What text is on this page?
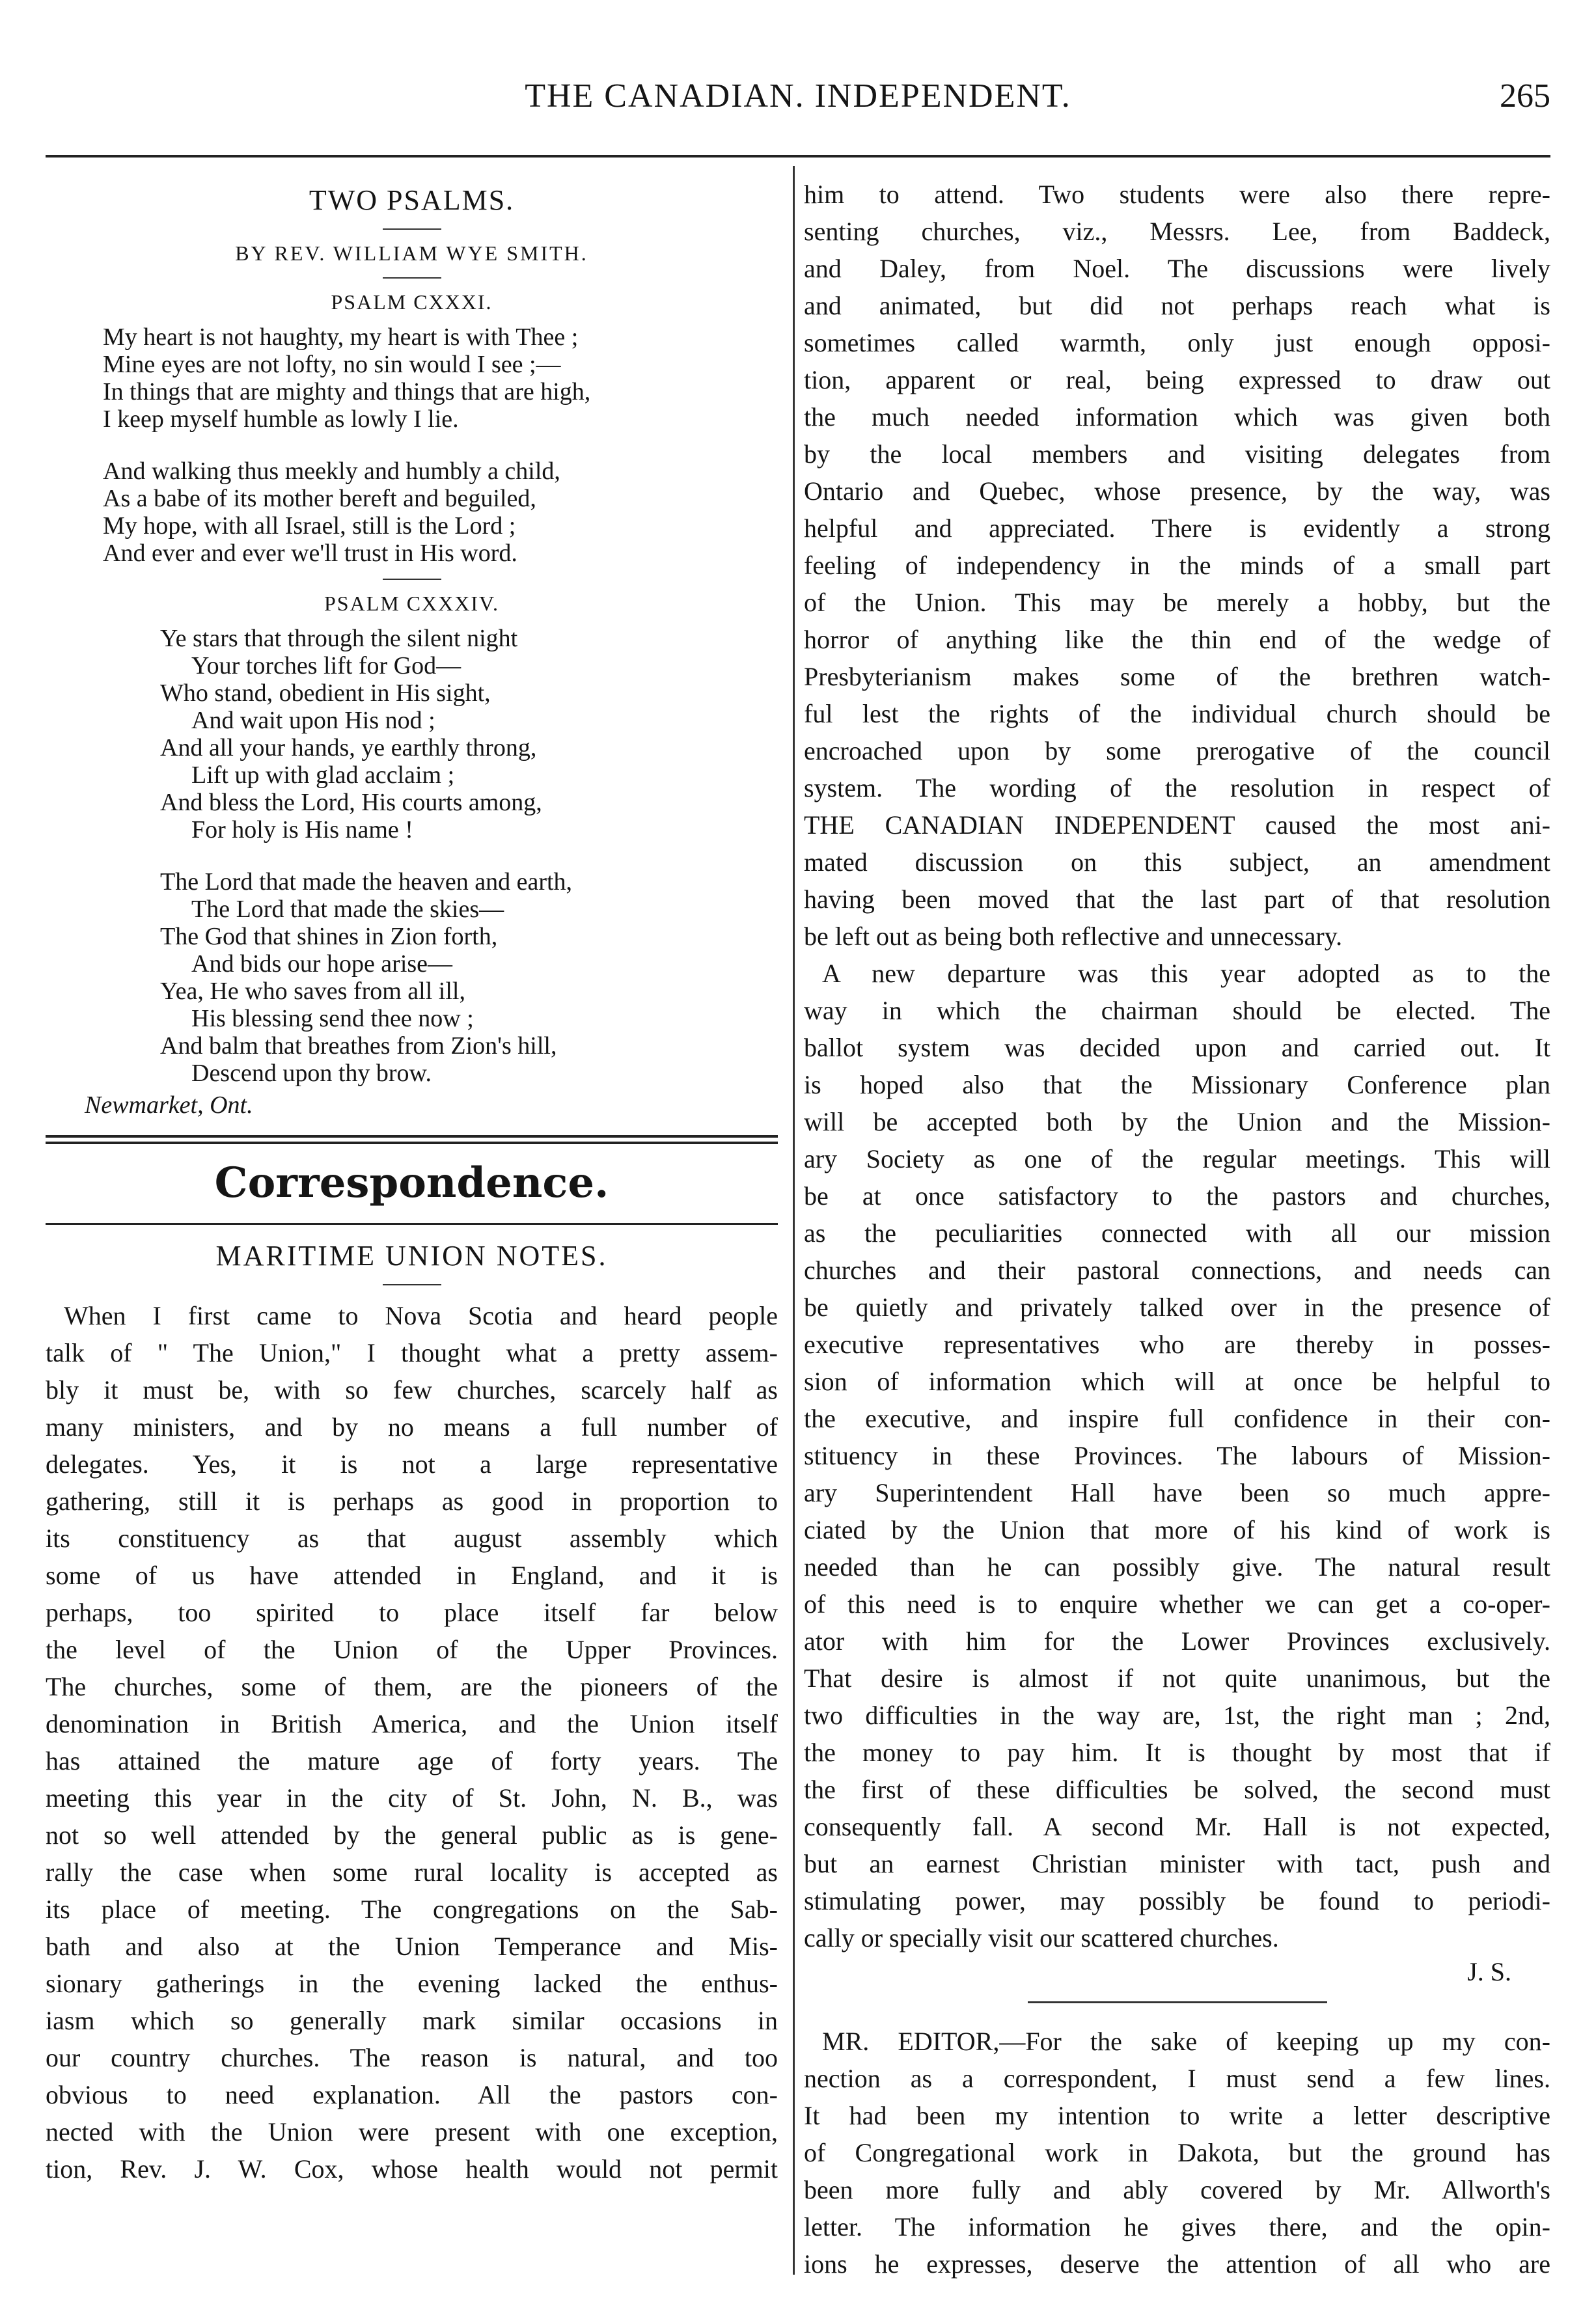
THE CANADIAN. INDEPENDENT.	265
TWO PSALMS.
BY REV. WILLIAM WYE SMITH.
PSALM CXXXI.
My heart is not haughty, my heart is with Thee ;
Mine eyes are not lofty, no sin would I see ;—
In things that are mighty and things that are high,
I keep myself humble as lowly I lie.
And walking thus meekly and humbly a child,
As a babe of its mother bereft and beguiled,
My hope, with all Israel, still is the Lord ;
And ever and ever we'll trust in His word.
PSALM CXXXIV.
Ye stars that through the silent night
Your torches lift for God—
Who stand, obedient in His sight,
And wait upon His nod ;
And all your hands, ye earthly throng,
Lift up with glad acclaim ;
And bless the Lord, His courts among,
For holy is His name !
The Lord that made the heaven and earth,
The Lord that made the skies—
The God that shines in Zion forth,
And bids our hope arise—
Yea, He who saves from all ill,
His blessing send thee now ;
And balm that breathes from Zion's hill,
Descend upon thy brow.
Newmarket, Ont.
Correspondence.
MARITIME UNION NOTES.
When I first came to Nova Scotia and heard people
talk of " The Union," I thought what a pretty assem-
bly it must be, with so few churches, scarcely half as
many ministers, and by no means a full number of
delegates. Yes, it is not a large representative
gathering, still it is perhaps as good in proportion to
its constituency as that august assembly which
some of us have attended in England, and it is
perhaps, too spirited to place itself far below
the level of the Union of the Upper Provinces.
The churches, some of them, are the pioneers of the
denomination in British America, and the Union itself
has attained the mature age of forty years. The
meeting this year in the city of St. John, N. B., was
not so well attended by the general public as is gene-
rally the case when some rural locality is accepted as
its place of meeting. The congregations on the Sab-
bath and also at the Union Temperance and Mis-
sionary gatherings in the evening lacked the enthus-
iasm which so generally mark similar occasions in
our country churches. The reason is natural, and too
obvious to need explanation. All the pastors con-
nected with the Union were present with one exception,
tion, Rev. J. W. Cox, whose health would not permit
him to attend. Two students were also there repre-
senting churches, viz., Messrs. Lee, from Baddeck,
and Daley, from Noel. The discussions were lively
and animated, but did not perhaps reach what is
sometimes called warmth, only just enough opposi-
tion, apparent or real, being expressed to draw out
the much needed information which was given both
by the local members and visiting delegates from
Ontario and Quebec, whose presence, by the way, was
helpful and appreciated. There is evidently a strong
feeling of independency in the minds of a small part
of the Union. This may be merely a hobby, but the
horror of anything like the thin end of the wedge of
Presbyterianism makes some of the brethren watch-
ful lest the rights of the individual church should be
encroached upon by some prerogative of the council
system. The wording of the resolution in respect of
THE CANADIAN INDEPENDENT caused the most ani-
mated discussion on this subject, an amendment
having been moved that the last part of that resolution
be left out as being both reflective and unnecessary.
A new departure was this year adopted as to the
way in which the chairman should be elected. The
ballot system was decided upon and carried out. It
is hoped also that the Missionary Conference plan
will be accepted both by the Union and the Mission-
ary Society as one of the regular meetings. This will
be at once satisfactory to the pastors and churches,
as the peculiarities connected with all our mission
churches and their pastoral connections, and needs can
be quietly and privately talked over in the presence of
executive representatives who are thereby in posses-
sion of information which will at once be helpful to
the executive, and inspire full confidence in their con-
stituency in these Provinces. The labours of Mission-
ary Superintendent Hall have been so much appre-
ciated by the Union that more of his kind of work is
needed than he can possibly give. The natural result
of this need is to enquire whether we can get a co-oper-
ator with him for the Lower Provinces exclusively.
That desire is almost if not quite unanimous, but the
two difficulties in the way are, 1st, the right man ; 2nd,
the money to pay him. It is thought by most that if
the first of these difficulties be solved, the second must
consequently fall. A second Mr. Hall is not expected,
but an earnest Christian minister with tact, push and
stimulating power, may possibly be found to periodi-
cally or specially visit our scattered churches.
J. S.
MR. EDITOR,—For the sake of keeping up my con-
nection as a correspondent, I must send a few lines.
It had been my intention to write a letter descriptive
of Congregational work in Dakota, but the ground has
been more fully and ably covered by Mr. Allworth's
letter. The information he gives there, and the opin-
ions he expresses, deserve the attention of all who are
